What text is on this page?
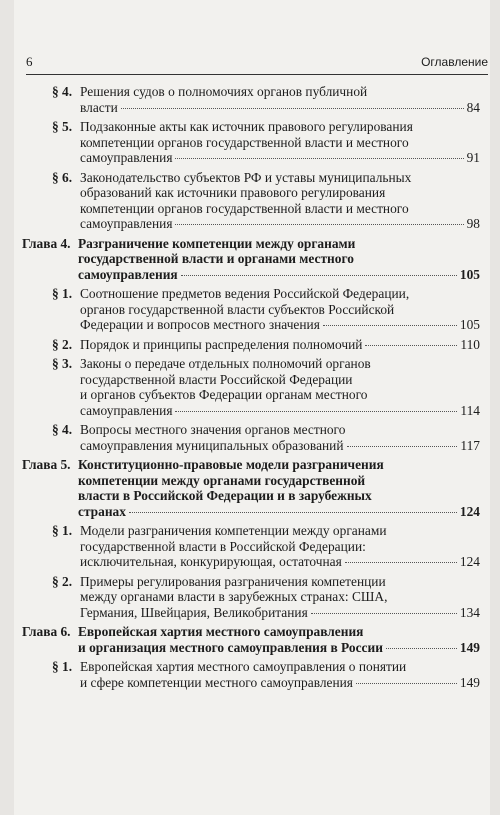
6	Оглавление
§ 4. Решения судов о полномочиях органов публичной
власти	84
§ 5. Подзаконные акты как источник правового регулирования
компетенции органов государственной власти и местного
самоуправления	91
§ 6. Законодательство субъектов РФ и уставы муниципальных
образований как источники правового регулирования
компетенции органов государственной власти и местного
самоуправления	98
Глава 4. Разграничение компетенции между органами
государственной власти и органами местного
самоуправления	105
§ 1. Соотношение предметов ведения Российской Федерации,
органов государственной власти субъектов Российской
Федерации и вопросов местного значения	105
§ 2. Порядок и принципы распределения полномочий	110
§ 3. Законы о передаче отдельных полномочий органов
государственной власти Российской Федерации
и органов субъектов Федерации органам местного
самоуправления	114
§ 4. Вопросы местного значения органов местного
самоуправления муниципальных образований	117
Глава 5. Конституционно-правовые модели разграничения
компетенции между органами государственной
власти в Российской Федерации и в зарубежных
странах	124
§ 1. Модели разграничения компетенции между органами
государственной власти в Российской Федерации:
исключительная, конкурирующая, остаточная	124
§ 2. Примеры регулирования разграничения компетенции
между органами власти в зарубежных странах: США,
Германия, Швейцария, Великобритания	134
Глава 6. Европейская хартия местного самоуправления
и организация местного самоуправления в России	149
§ 1. Европейская хартия местного самоуправления о понятии
и сфере компетенции местного самоуправления	149
